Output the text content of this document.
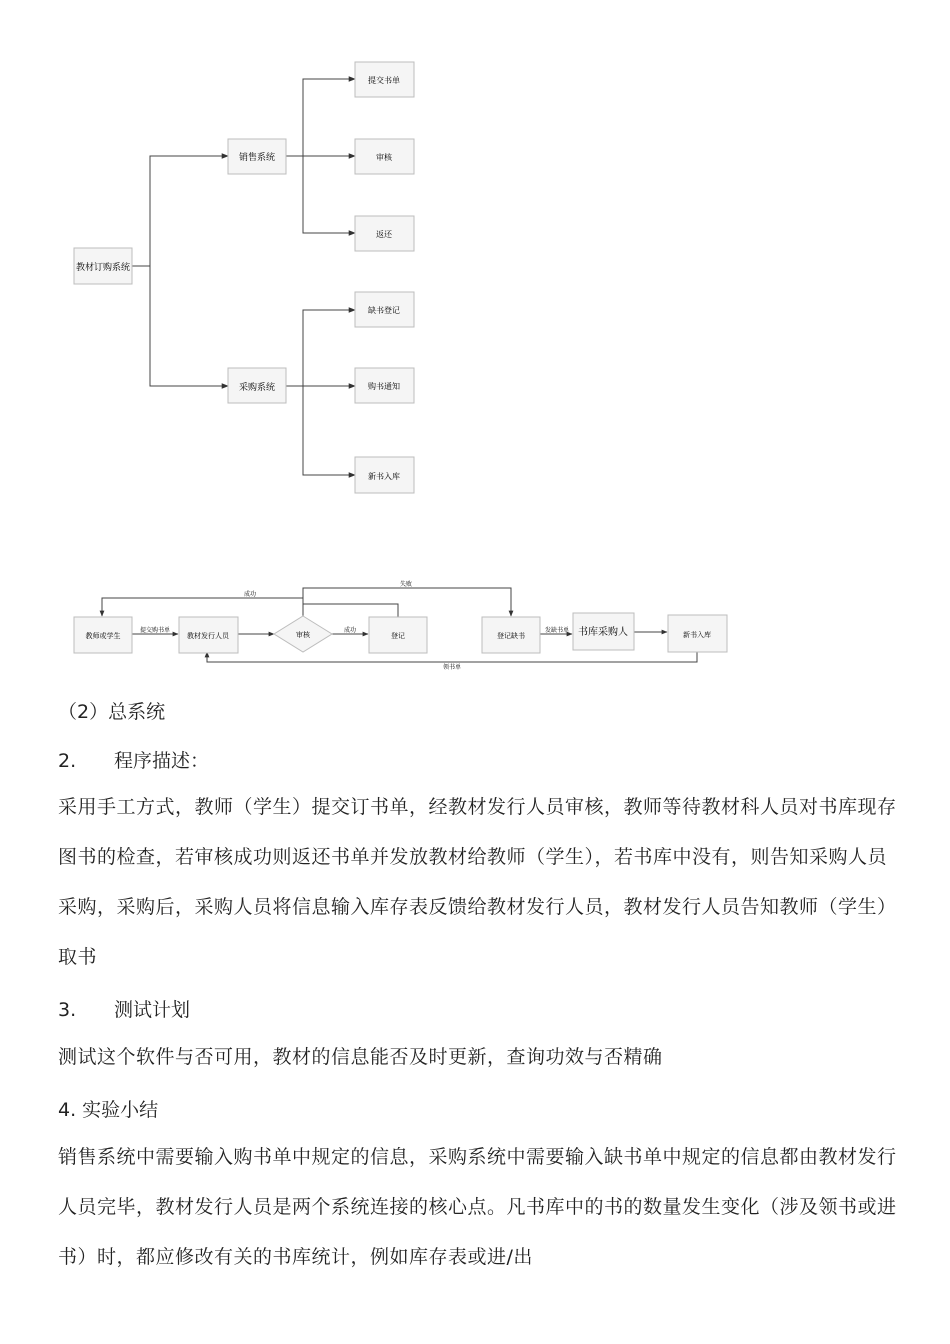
教材订购系统
销售系统
采购系统
提交书单
审核
返还
缺书登记
购书通知
新书入库
教师或学生	教材发行人员	审核	登记	登记缺书	书库采购人	新书入库
提交购书单	成功
成功
失败
发缺书单
领书单

（2）总系统

2. 程序描述：

采用手工方式，教师（学生）提交订书单，经教材发行人员审核，教师等待教材科人员对书库现存图书的检查，若审核成功则返还书单并发放教材给教师（学生），若书库中没有，则告知采购人员采购，采购后，采购人员将信息输入库存表反馈给教材发行人员，教材发行人员告知教师（学生）取书

3. 测试计划

测试这个软件与否可用，教材的信息能否及时更新，查询功效与否精确

4. 实验小结

销售系统中需要输入购书单中规定的信息，采购系统中需要输入缺书单中规定的信息都由教材发行人员完毕，教材发行人员是两个系统连接的核心点。凡书库中的书的数量发生变化（涉及领书或进书）时，都应修改有关的书库统计，例如库存表或进/出
